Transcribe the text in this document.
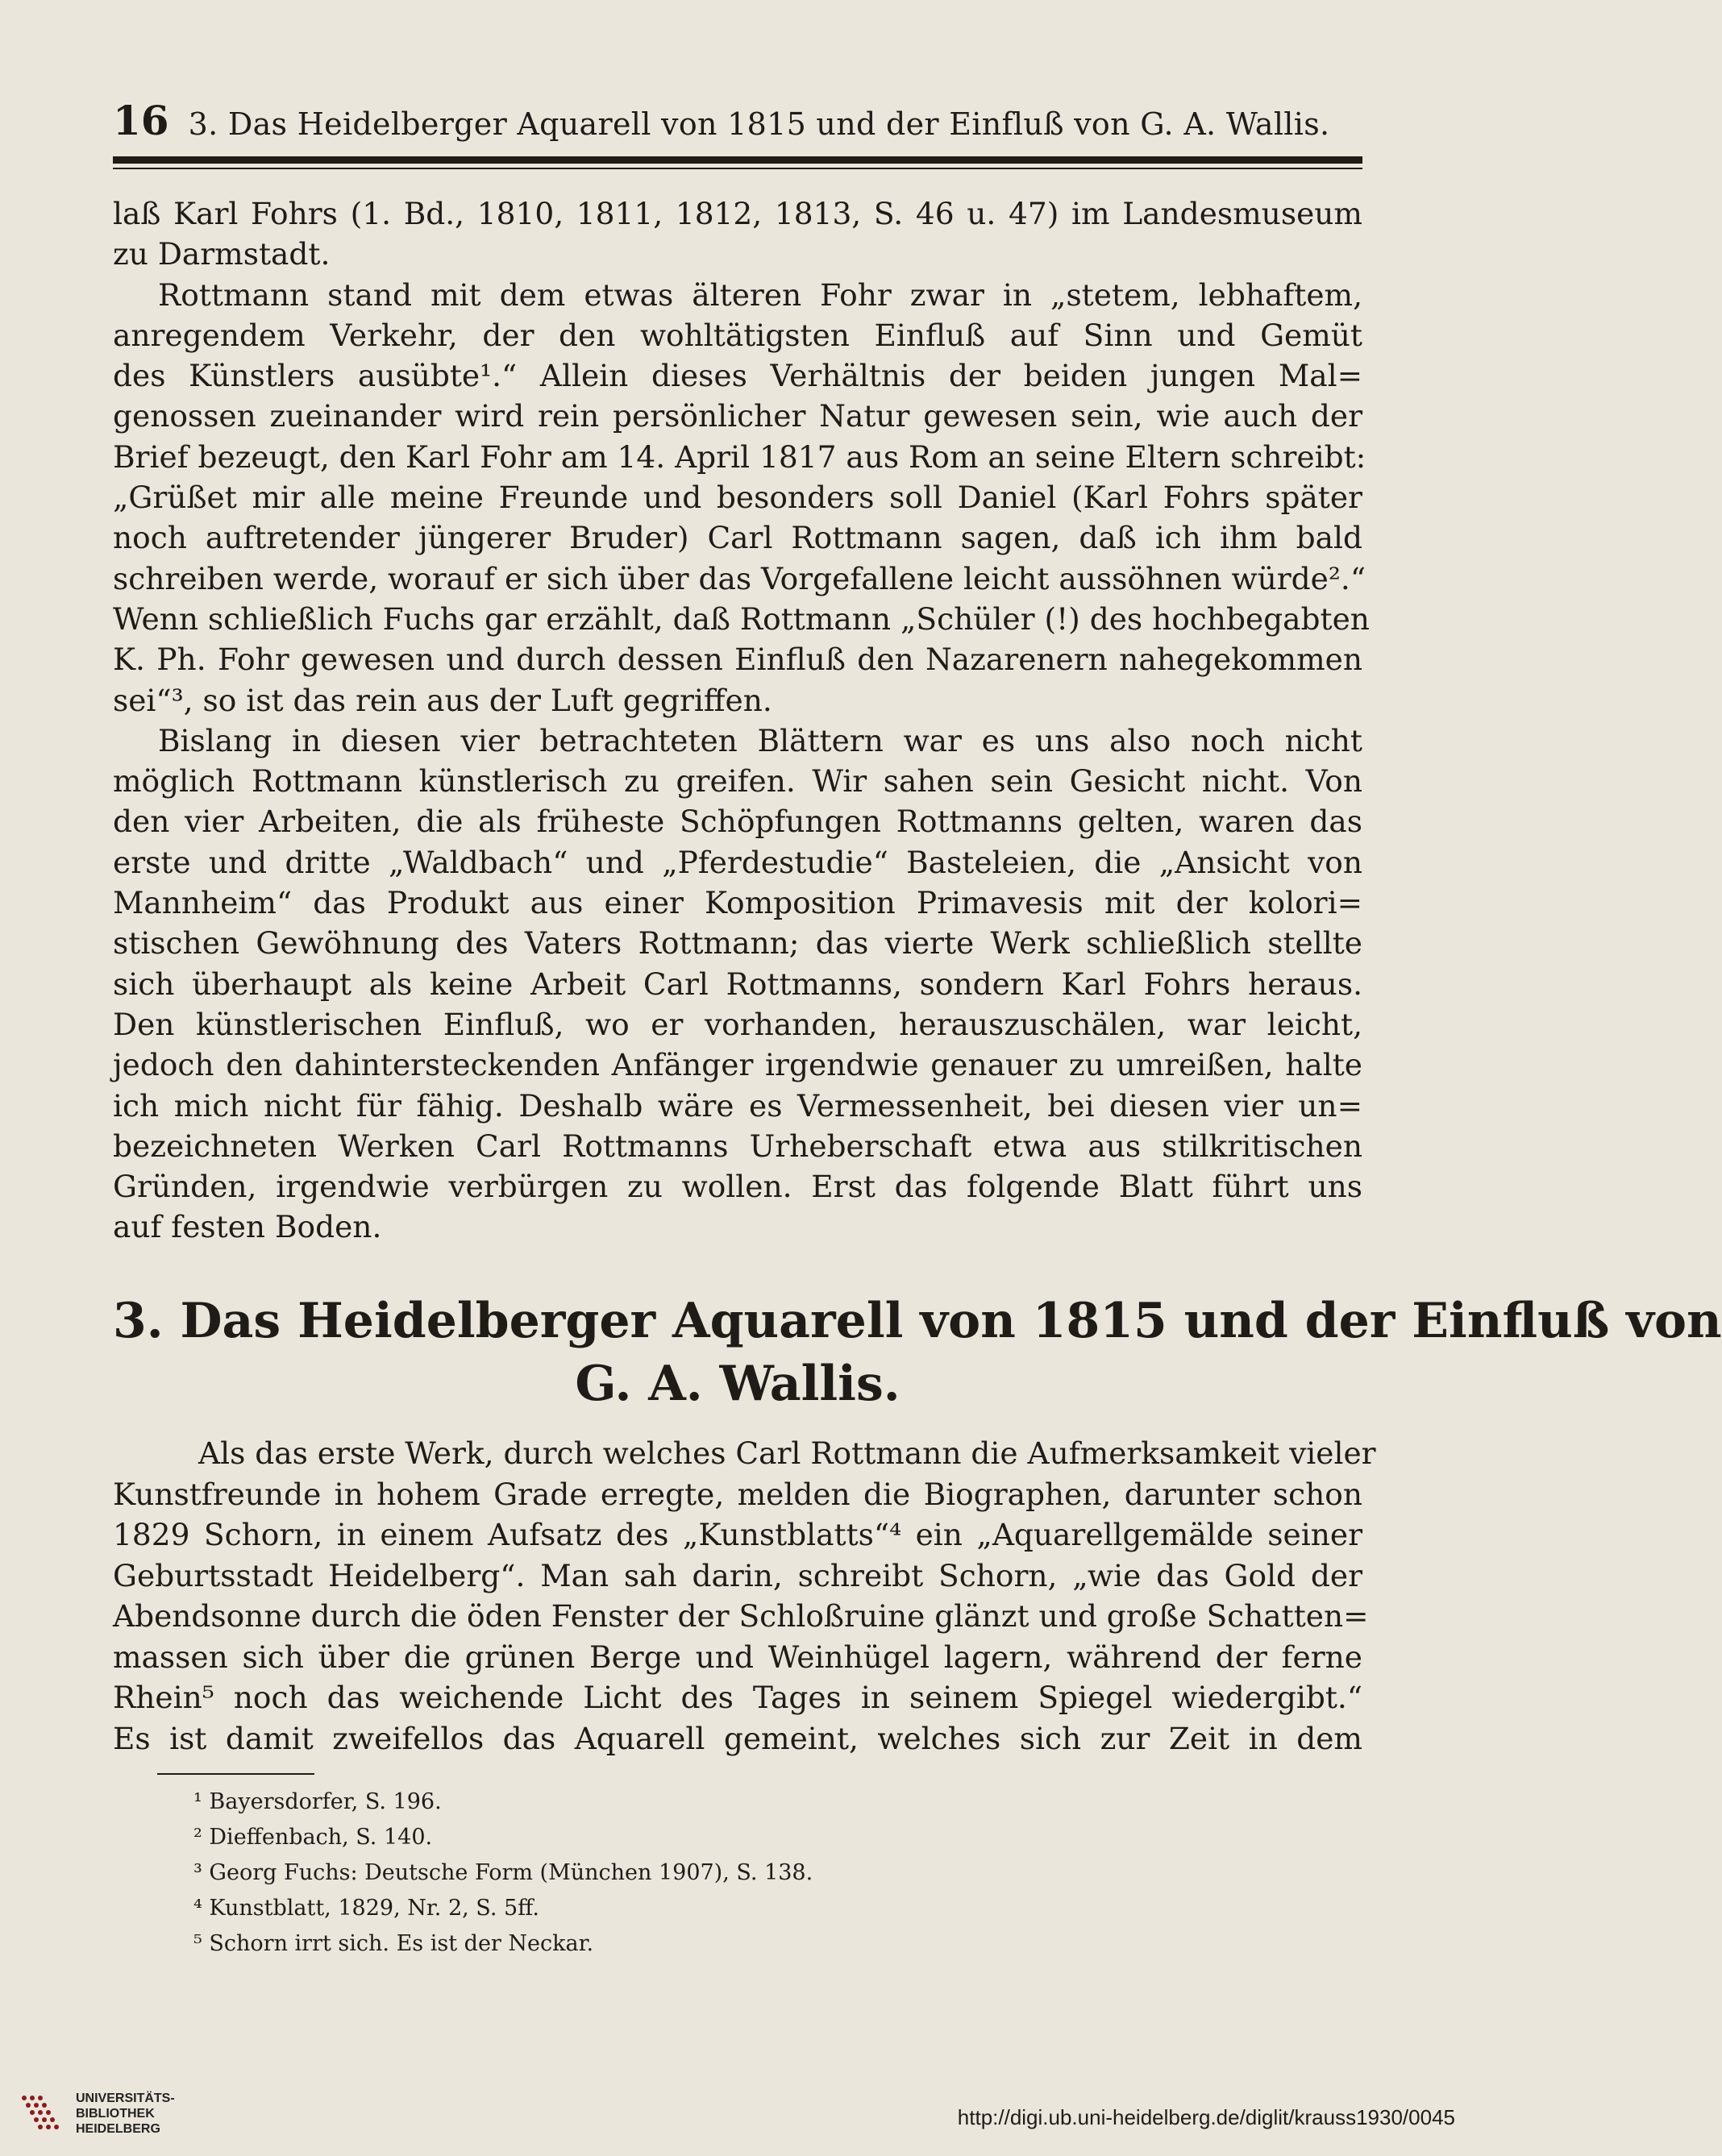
16 3. Das Heidelberger Aquarell von 1815 und der Einfluß von G. A. Wallis.
laß Karl Fohrs (1. Bd., 1810, 1811, 1812, 1813, S. 46 u. 47) im Landesmuseum
zu Darmstadt.
Rottmann stand mit dem etwas älteren Fohr zwar in „stetem, lebhaftem,
anregendem Verkehr, der den wohltätigsten Einfluß auf Sinn und Gemüt
des Künstlers ausübte¹.“ Allein dieses Verhältnis der beiden jungen Mal=
genossen zueinander wird rein persönlicher Natur gewesen sein, wie auch der
Brief bezeugt, den Karl Fohr am 14. April 1817 aus Rom an seine Eltern schreibt:
„Grüßet mir alle meine Freunde und besonders soll Daniel (Karl Fohrs später
noch auftretender jüngerer Bruder) Carl Rottmann sagen, daß ich ihm bald
schreiben werde, worauf er sich über das Vorgefallene leicht aussöhnen würde².“
Wenn schließlich Fuchs gar erzählt, daß Rottmann „Schüler (!) des hochbegabten
K. Ph. Fohr gewesen und durch dessen Einfluß den Nazarenern nahegekommen
sei“³, so ist das rein aus der Luft gegriffen.
Bislang in diesen vier betrachteten Blättern war es uns also noch nicht
möglich Rottmann künstlerisch zu greifen. Wir sahen sein Gesicht nicht. Von
den vier Arbeiten, die als früheste Schöpfungen Rottmanns gelten, waren das
erste und dritte „Waldbach“ und „Pferdestudie“ Basteleien, die „Ansicht von
Mannheim“ das Produkt aus einer Komposition Primavesis mit der kolori=
stischen Gewöhnung des Vaters Rottmann; das vierte Werk schließlich stellte
sich überhaupt als keine Arbeit Carl Rottmanns, sondern Karl Fohrs heraus.
Den künstlerischen Einfluß, wo er vorhanden, herauszuschälen, war leicht,
jedoch den dahintersteckenden Anfänger irgendwie genauer zu umreißen, halte
ich mich nicht für fähig. Deshalb wäre es Vermessenheit, bei diesen vier un=
bezeichneten Werken Carl Rottmanns Urheberschaft etwa aus stilkritischen
Gründen, irgendwie verbürgen zu wollen. Erst das folgende Blatt führt uns
auf festen Boden.
3. Das Heidelberger Aquarell von 1815 und der Einfluß von
G. A. Wallis.
Als das erste Werk, durch welches Carl Rottmann die Aufmerksamkeit vieler
Kunstfreunde in hohem Grade erregte, melden die Biographen, darunter schon
1829 Schorn, in einem Aufsatz des „Kunstblatts“⁴ ein „Aquarellgemälde seiner
Geburtsstadt Heidelberg“. Man sah darin, schreibt Schorn, „wie das Gold der
Abendsonne durch die öden Fenster der Schloßruine glänzt und große Schatten=
massen sich über die grünen Berge und Weinhügel lagern, während der ferne
Rhein⁵ noch das weichende Licht des Tages in seinem Spiegel wiedergibt.“
Es ist damit zweifellos das Aquarell gemeint, welches sich zur Zeit in dem
¹ Bayersdorfer, S. 196.
² Dieffenbach, S. 140.
³ Georg Fuchs: Deutsche Form (München 1907), S. 138.
⁴ Kunstblatt, 1829, Nr. 2, S. 5ff.
⁵ Schorn irrt sich. Es ist der Neckar.
UNIVERSITÄTS-
BIBLIOTHEK
HEIDELBERG	http://digi.ub.uni-heidelberg.de/diglit/krauss1930/0045
